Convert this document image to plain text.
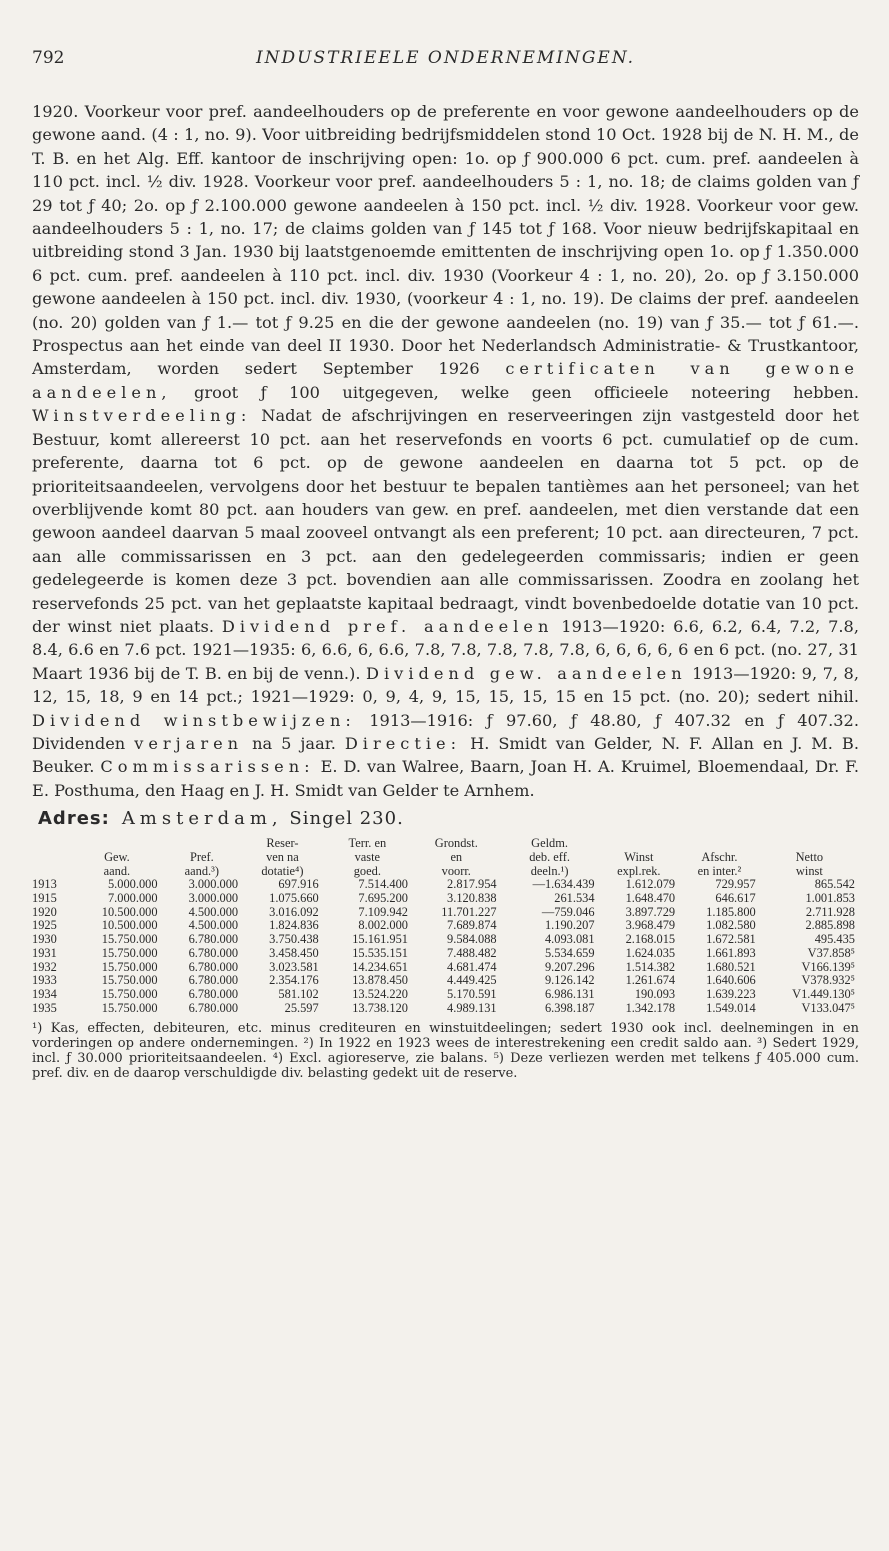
792	INDUSTRIEELE ONDERNEMINGEN.
1920. Voorkeur voor pref. aandeelhouders op de preferente en voor gewone aandeelhouders op de gewone aand. (4 : 1, no. 9). Voor uitbreiding bedrijfsmiddelen stond 10 Oct. 1928 bij de N. H. M., de T. B. en het Alg. Eff. kantoor de inschrijving open: 1o. op ƒ 900.000 6 pct. cum. pref. aandeelen à 110 pct. incl. ½ div. 1928. Voorkeur voor pref. aandeelhouders 5 : 1, no. 18; de claims golden van ƒ 29 tot ƒ 40; 2o. op ƒ 2.100.000 gewone aandeelen à 150 pct. incl. ½ div. 1928. Voorkeur voor gew. aandeelhouders 5 : 1, no. 17; de claims golden van ƒ 145 tot ƒ 168. Voor nieuw bedrijfskapitaal en uitbreiding stond 3 Jan. 1930 bij laatstgenoemde emittenten de inschrijving open 1o. op ƒ 1.350.000 6 pct. cum. pref. aandeelen à 110 pct. incl. div. 1930 (Voorkeur 4 : 1, no. 20), 2o. op ƒ 3.150.000 gewone aandeelen à 150 pct. incl. div. 1930, (voorkeur 4 : 1, no. 19). De claims der pref. aandeelen (no. 20) golden van ƒ 1.— tot ƒ 9.25 en die der gewone aandeelen (no. 19) van ƒ 35.— tot ƒ 61.—. Prospectus aan het einde van deel II 1930. Door het Nederlandsch Administratie- & Trustkantoor, Amsterdam, worden sedert September 1926 certificaten van gewone aandeelen, groot ƒ 100 uitgegeven, welke geen officieele noteering hebben. Winstverdeeling: Nadat de afschrijvingen en reserveeringen zijn vastgesteld door het Bestuur, komt allereerst 10 pct. aan het reservefonds en voorts 6 pct. cumulatief op de cum. preferente, daarna tot 6 pct. op de gewone aandeelen en daarna tot 5 pct. op de prioriteitsaandeelen, vervolgens door het bestuur te bepalen tantièmes aan het personeel; van het overblijvende komt 80 pct. aan houders van gew. en pref. aandeelen, met dien verstande dat een gewoon aandeel daarvan 5 maal zooveel ontvangt als een preferent; 10 pct. aan directeuren, 7 pct. aan alle commissarissen en 3 pct. aan den gedelegeerden commissaris; indien er geen gedelegeerde is komen deze 3 pct. bovendien aan alle commissarissen. Zoodra en zoolang het reservefonds 25 pct. van het geplaatste kapitaal bedraagt, vindt bovenbedoelde dotatie van 10 pct. der winst niet plaats. Dividend pref. aandeelen 1913—1920: 6.6, 6.2, 6.4, 7.2, 7.8, 8.4, 6.6 en 7.6 pct. 1921—1935: 6, 6.6, 6, 6.6, 7.8, 7.8, 7.8, 7.8, 7.8, 6, 6, 6, 6, 6 en 6 pct. (no. 27, 31 Maart 1936 bij de T. B. en bij de venn.). Dividend gew. aandeelen 1913—1920: 9, 7, 8, 12, 15, 18, 9 en 14 pct.; 1921—1929: 0, 9, 4, 9, 15, 15, 15, 15 en 15 pct. (no. 20); sedert nihil. Dividend winstbewijzen: 1913—1916: ƒ 97.60, ƒ 48.80, ƒ 407.32 en ƒ 407.32. Dividenden verjaren na 5 jaar. Directie: H. Smidt van Gelder, N. F. Allan en J. M. B. Beuker. Commissarissen: E. D. van Walree, Baarn, Joan H. A. Kruimel, Bloemendaal, Dr. F. E. Posthuma, den Haag en J. H. Smidt van Gelder te Arnhem.
Adres: Amsterdam, Singel 230.
			Reser-	Terr. en	Grondst.	Geldm.			
	Gew.	Pref.	ven na	vaste	en	deb. eff.	Winst	Afschr.	Netto
	aand.	aand.³)	dotatie⁴)	goed.	voorr.	deeln.¹)	expl.rek.	en inter.²	winst
1913	5.000.000	3.000.000	697.916	7.514.400	2.817.954	—1.634.439	1.612.079	729.957	865.542
1915	7.000.000	3.000.000	1.075.660	7.695.200	3.120.838	261.534	1.648.470	646.617	1.001.853
1920	10.500.000	4.500.000	3.016.092	7.109.942	11.701.227	—759.046	3.897.729	1.185.800	2.711.928
1925	10.500.000	4.500.000	1.824.836	8.002.000	7.689.874	1.190.207	3.968.479	1.082.580	2.885.898
1930	15.750.000	6.780.000	3.750.438	15.161.951	9.584.088	4.093.081	2.168.015	1.672.581	495.435
1931	15.750.000	6.780.000	3.458.450	15.535.151	7.488.482	5.534.659	1.624.035	1.661.893	V37.858⁵
1932	15.750.000	6.780.000	3.023.581	14.234.651	4.681.474	9.207.296	1.514.382	1.680.521	V166.139⁵
1933	15.750.000	6.780.000	2.354.176	13.878.450	4.449.425	9.126.142	1.261.674	1.640.606	V378.932⁵
1934	15.750.000	6.780.000	581.102	13.524.220	5.170.591	6.986.131	190.093	1.639.223	V1.449.130⁵
1935	15.750.000	6.780.000	25.597	13.738.120	4.989.131	6.398.187	1.342.178	1.549.014	V133.047⁵
¹) Kas, effecten, debiteuren, etc. minus crediteuren en winstuitdeelingen; sedert 1930 ook incl. deelnemingen in en vorderingen op andere ondernemingen. ²) In 1922 en 1923 wees de interestrekening een credit saldo aan. ³) Sedert 1929, incl. ƒ 30.000 prioriteitsaandeelen. ⁴) Excl. agioreserve, zie balans. ⁵) Deze verliezen werden met telkens ƒ 405.000 cum. pref. div. en de daarop verschuldigde div. belasting gedekt uit de reserve.
